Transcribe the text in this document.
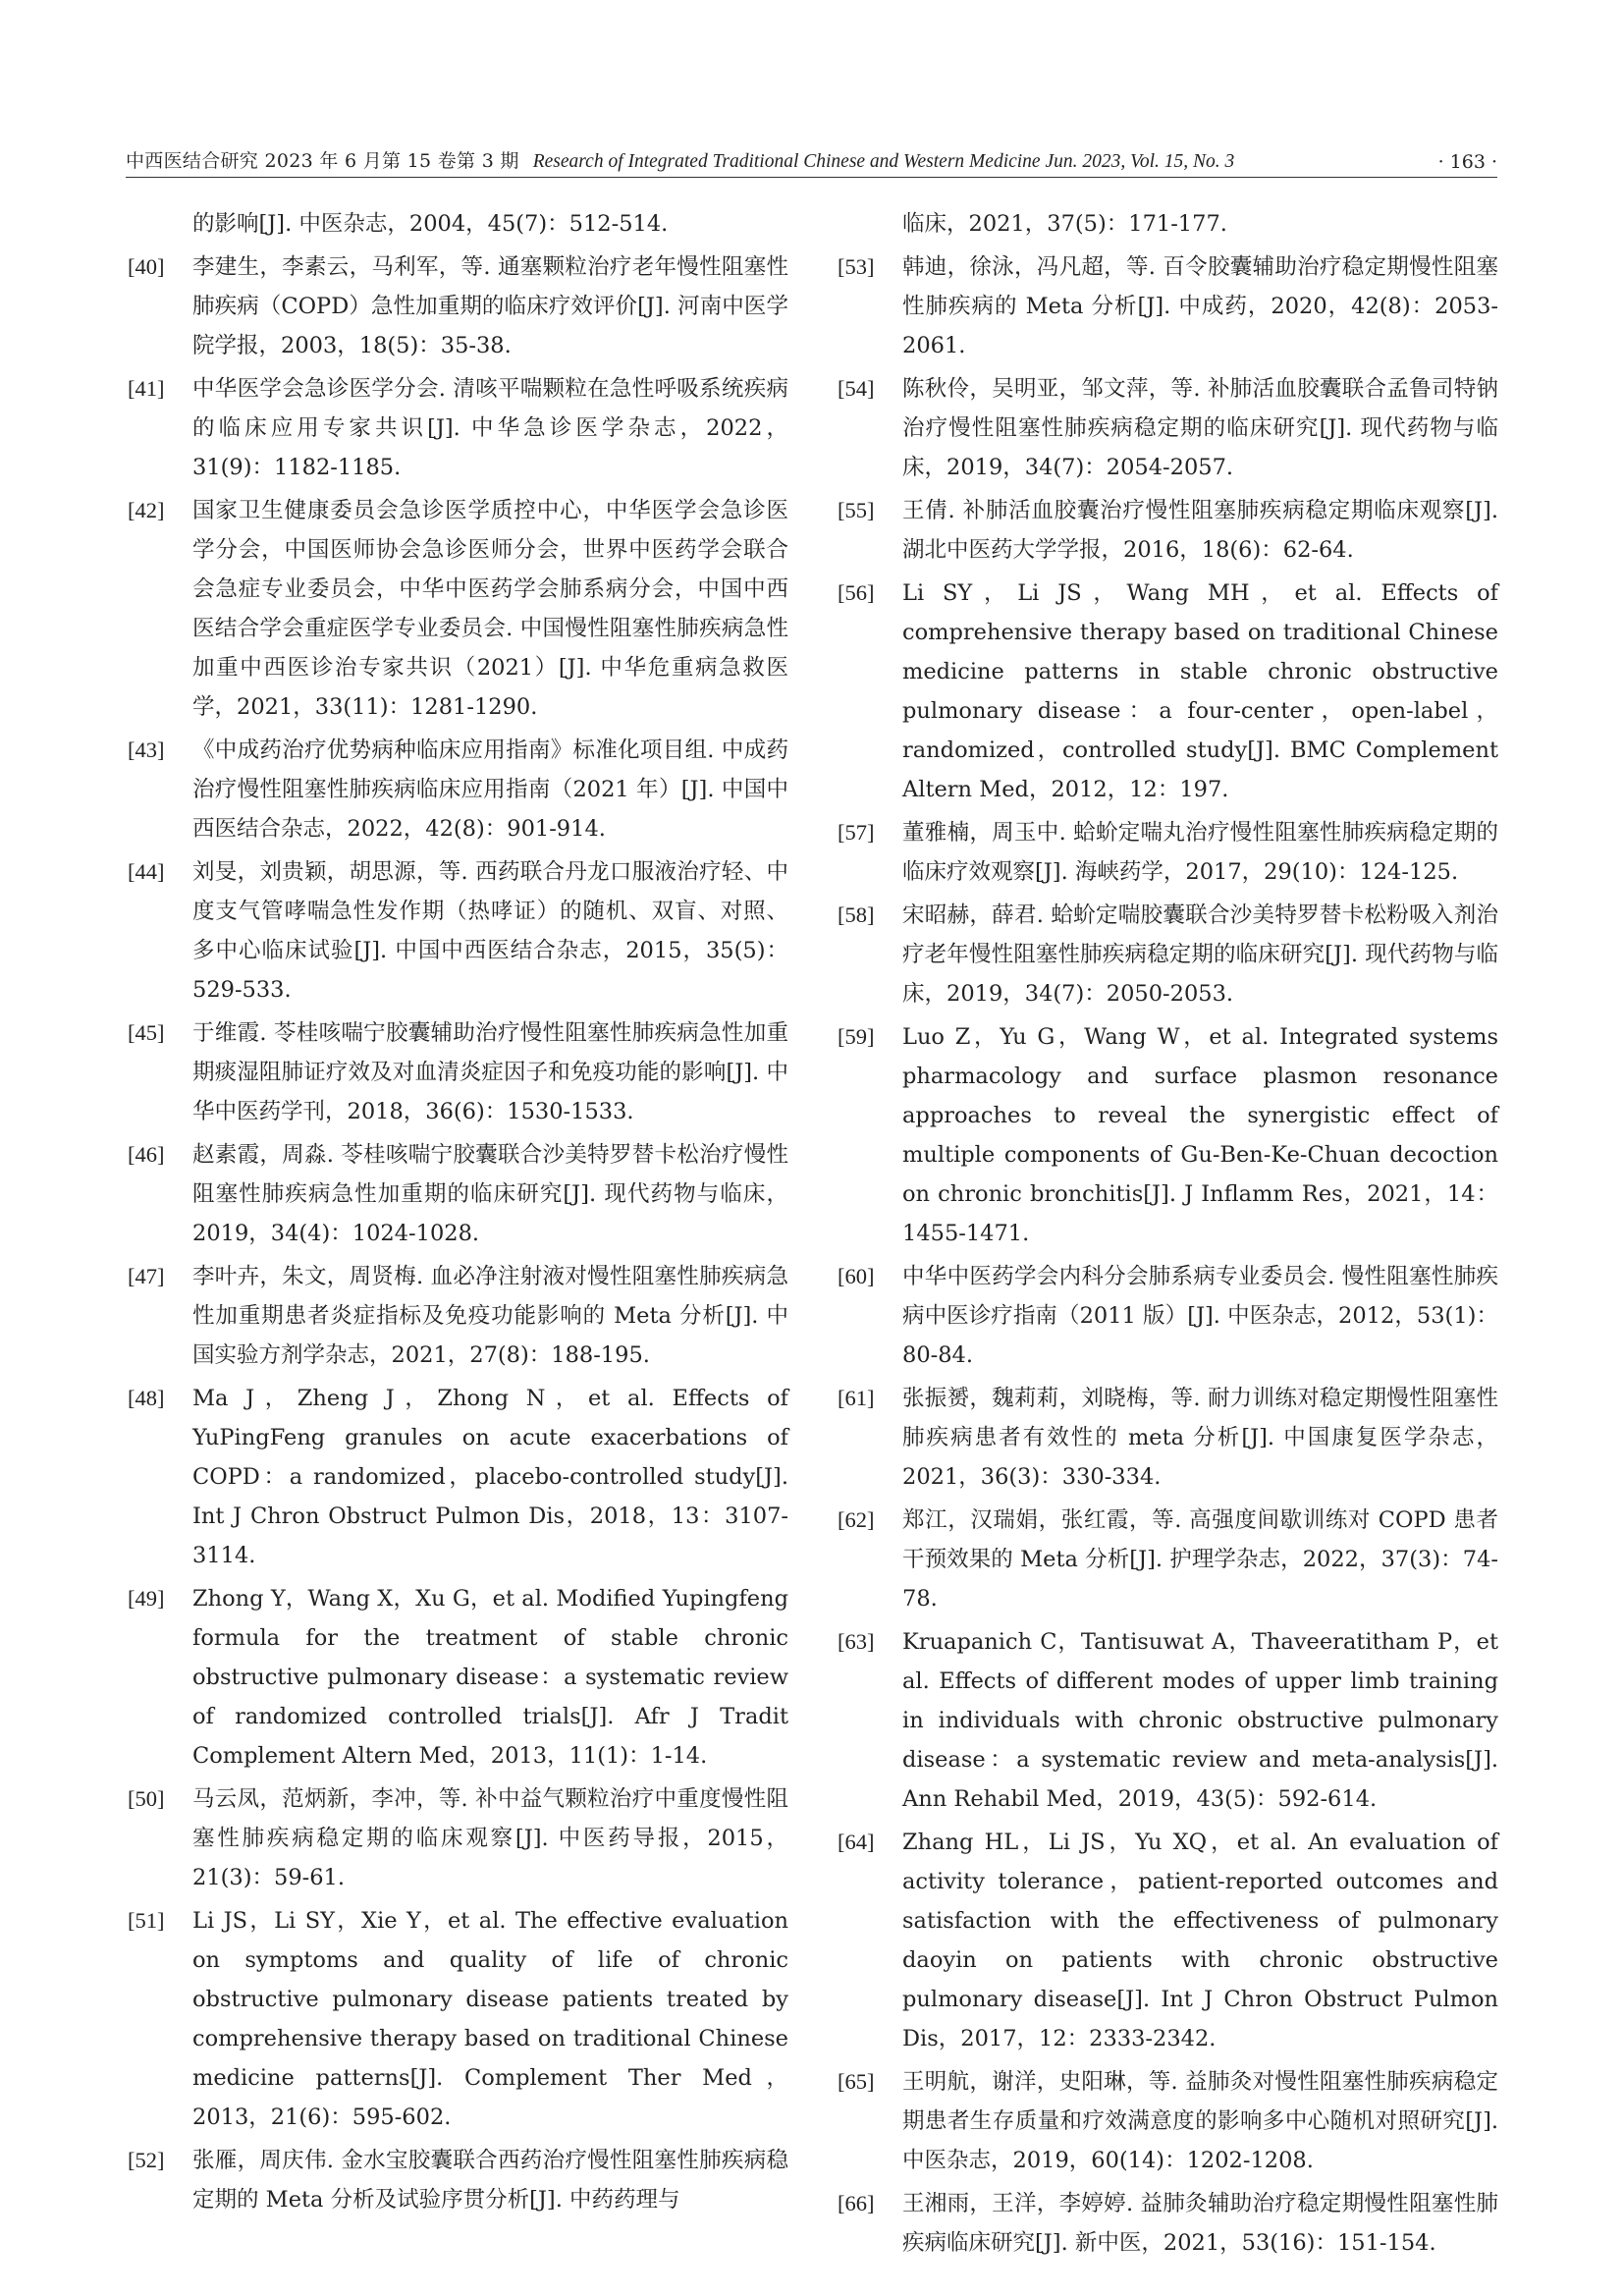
中西医结合研究 2023 年 6 月第 15 卷第 3 期 Research of Integrated Traditional Chinese and Western Medicine Jun. 2023, Vol. 15, No. 3	· 163 ·
的影响[J]. 中医杂志，2004，45(7)：512-514.
[40]	李建生，李素云，马利军，等. 通塞颗粒治疗老年慢性阻塞性肺疾病（COPD）急性加重期的临床疗效评价[J]. 河南中医学院学报，2003，18(5)：35-38.
[41]	中华医学会急诊医学分会. 清咳平喘颗粒在急性呼吸系统疾病的临床应用专家共识[J]. 中华急诊医学杂志，2022，31(9)：1182-1185.
[42]	国家卫生健康委员会急诊医学质控中心，中华医学会急诊医学分会，中国医师协会急诊医师分会，世界中医药学会联合会急症专业委员会，中华中医药学会肺系病分会，中国中西医结合学会重症医学专业委员会. 中国慢性阻塞性肺疾病急性加重中西医诊治专家共识（2021）[J]. 中华危重病急救医学，2021，33(11)：1281-1290.
[43]	《中成药治疗优势病种临床应用指南》标准化项目组. 中成药治疗慢性阻塞性肺疾病临床应用指南（2021 年）[J]. 中国中西医结合杂志，2022，42(8)：901-914.
[44]	刘旻，刘贵颖，胡思源，等. 西药联合丹龙口服液治疗轻、中度支气管哮喘急性发作期（热哮证）的随机、双盲、对照、多中心临床试验[J]. 中国中西医结合杂志，2015，35(5)：529-533.
[45]	于维霞. 苓桂咳喘宁胶囊辅助治疗慢性阻塞性肺疾病急性加重期痰湿阻肺证疗效及对血清炎症因子和免疫功能的影响[J]. 中华中医药学刊，2018，36(6)：1530-1533.
[46]	赵素霞，周淼. 苓桂咳喘宁胶囊联合沙美特罗替卡松治疗慢性阻塞性肺疾病急性加重期的临床研究[J]. 现代药物与临床，2019，34(4)：1024-1028.
[47]	李叶卉，朱文，周贤梅. 血必净注射液对慢性阻塞性肺疾病急性加重期患者炎症指标及免疫功能影响的 Meta 分析[J]. 中国实验方剂学杂志，2021，27(8)：188-195.
[48]	Ma J，Zheng J，Zhong N，et al. Effects of YuPingFeng granules on acute exacerbations of COPD：a randomized，placebo-controlled study[J]. Int J Chron Obstruct Pulmon Dis，2018，13：3107-3114.
[49]	Zhong Y，Wang X，Xu G，et al. Modified Yupingfeng formula for the treatment of stable chronic obstructive pulmonary disease：a systematic review of randomized controlled trials[J]. Afr J Tradit Complement Altern Med，2013，11(1)：1-14.
[50]	马云凤，范炳新，李冲，等. 补中益气颗粒治疗中重度慢性阻塞性肺疾病稳定期的临床观察[J]. 中医药导报，2015，21(3)：59-61.
[51]	Li JS，Li SY，Xie Y，et al. The effective evaluation on symptoms and quality of life of chronic obstructive pulmonary disease patients treated by comprehensive therapy based on traditional Chinese medicine patterns[J]. Complement Ther Med，2013，21(6)：595-602.
[52]	张雁，周庆伟. 金水宝胶囊联合西药治疗慢性阻塞性肺疾病稳定期的 Meta 分析及试验序贯分析[J]. 中药药理与
临床，2021，37(5)：171-177.
[53]	韩迪，徐泳，冯凡超，等. 百令胶囊辅助治疗稳定期慢性阻塞性肺疾病的 Meta 分析[J]. 中成药，2020，42(8)：2053-2061.
[54]	陈秋伶，吴明亚，邹文萍，等. 补肺活血胶囊联合孟鲁司特钠治疗慢性阻塞性肺疾病稳定期的临床研究[J]. 现代药物与临床，2019，34(7)：2054-2057.
[55]	王倩. 补肺活血胶囊治疗慢性阻塞肺疾病稳定期临床观察[J]. 湖北中医药大学学报，2016，18(6)：62-64.
[56]	Li SY，Li JS，Wang MH，et al. Effects of comprehensive therapy based on traditional Chinese medicine patterns in stable chronic obstructive pulmonary disease：a four-center，open-label，randomized，controlled study[J]. BMC Complement Altern Med，2012，12：197.
[57]	董雅楠，周玉中. 蛤蚧定喘丸治疗慢性阻塞性肺疾病稳定期的临床疗效观察[J]. 海峡药学，2017，29(10)：124-125.
[58]	宋昭赫，薛君. 蛤蚧定喘胶囊联合沙美特罗替卡松粉吸入剂治疗老年慢性阻塞性肺疾病稳定期的临床研究[J]. 现代药物与临床，2019，34(7)：2050-2053.
[59]	Luo Z，Yu G，Wang W，et al. Integrated systems pharmacology and surface plasmon resonance approaches to reveal the synergistic effect of multiple components of Gu-Ben-Ke-Chuan decoction on chronic bronchitis[J]. J Inflamm Res，2021，14：1455-1471.
[60]	中华中医药学会内科分会肺系病专业委员会. 慢性阻塞性肺疾病中医诊疗指南（2011 版）[J]. 中医杂志，2012，53(1)：80-84.
[61]	张振赟，魏莉莉，刘晓梅，等. 耐力训练对稳定期慢性阻塞性肺疾病患者有效性的 meta 分析[J]. 中国康复医学杂志，2021，36(3)：330-334.
[62]	郑江，汉瑞娟，张红霞，等. 高强度间歇训练对 COPD 患者干预效果的 Meta 分析[J]. 护理学杂志，2022，37(3)：74-78.
[63]	Kruapanich C，Tantisuwat A，Thaveeratitham P，et al. Effects of different modes of upper limb training in individuals with chronic obstructive pulmonary disease：a systematic review and meta-analysis[J]. Ann Rehabil Med，2019，43(5)：592-614.
[64]	Zhang HL，Li JS，Yu XQ，et al. An evaluation of activity tolerance，patient-reported outcomes and satisfaction with the effectiveness of pulmonary daoyin on patients with chronic obstructive pulmonary disease[J]. Int J Chron Obstruct Pulmon Dis，2017，12：2333-2342.
[65]	王明航，谢洋，史阳琳，等. 益肺灸对慢性阻塞性肺疾病稳定期患者生存质量和疗效满意度的影响多中心随机对照研究[J]. 中医杂志，2019，60(14)：1202-1208.
[66]	王湘雨，王洋，李婷婷. 益肺灸辅助治疗稳定期慢性阻塞性肺疾病临床研究[J]. 新中医，2021，53(16)：151-154.
